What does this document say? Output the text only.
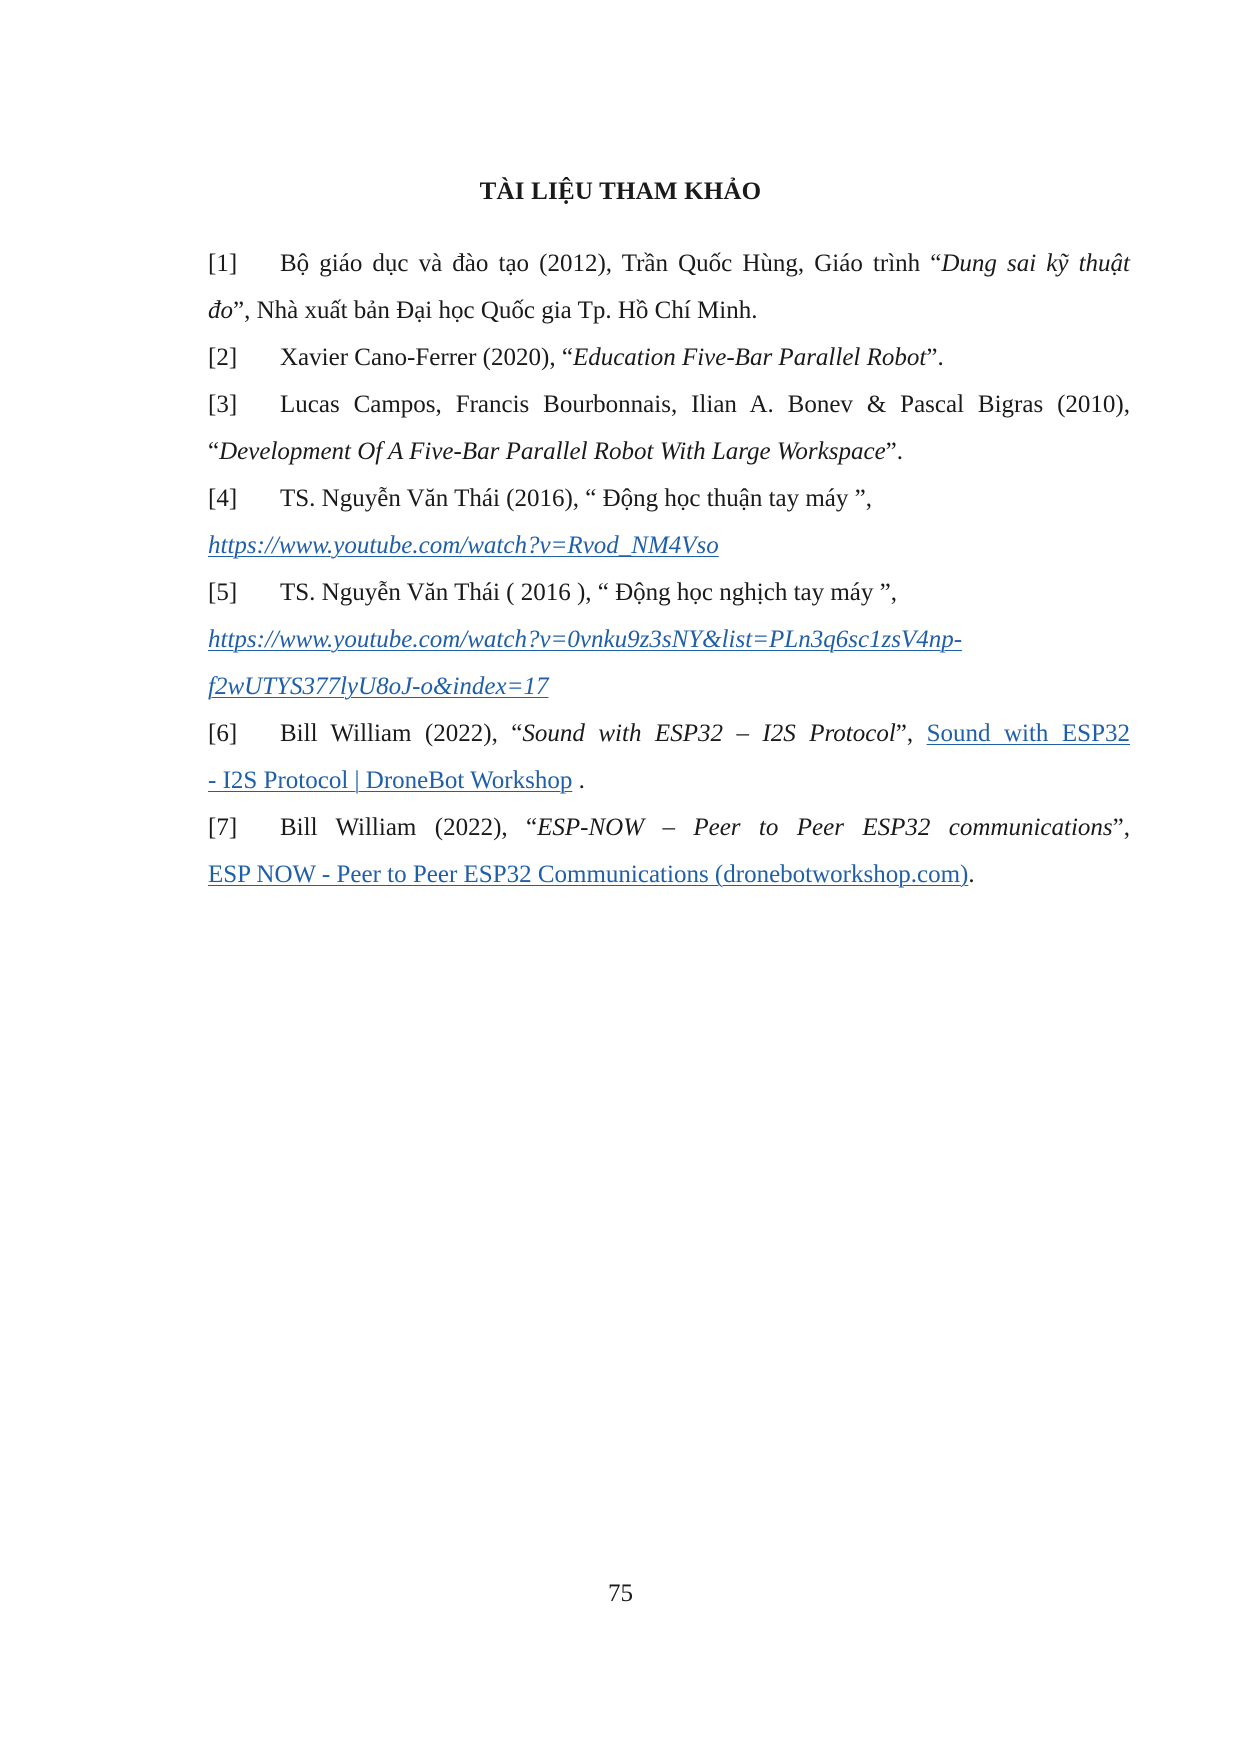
TÀI LIỆU THAM KHẢO
[1] Bộ giáo dục và đào tạo (2012), Trần Quốc Hùng, Giáo trình “Dung sai kỹ thuật
đo”, Nhà xuất bản Đại học Quốc gia Tp. Hồ Chí Minh.
[2] Xavier Cano-Ferrer (2020), “Education Five-Bar Parallel Robot”.
[3] Lucas Campos, Francis Bourbonnais, Ilian A. Bonev & Pascal Bigras (2010),
“Development Of A Five-Bar Parallel Robot With Large Workspace”.
[4] TS. Nguyễn Văn Thái (2016), “ Động học thuận tay máy ”,
https://www.youtube.com/watch?v=Rvod_NM4Vso
[5] TS. Nguyễn Văn Thái ( 2016 ), “ Động học nghịch tay máy ”,
https://www.youtube.com/watch?v=0vnku9z3sNY&list=PLn3q6sc1zsV4np-
f2wUTYS377lyU8oJ-o&index=17
[6] Bill William (2022), “Sound with ESP32 – I2S Protocol”, Sound with ESP32
- I2S Protocol | DroneBot Workshop .
[7] Bill William (2022), “ESP-NOW – Peer to Peer ESP32 communications”,
ESP NOW - Peer to Peer ESP32 Communications (dronebotworkshop.com).
75
